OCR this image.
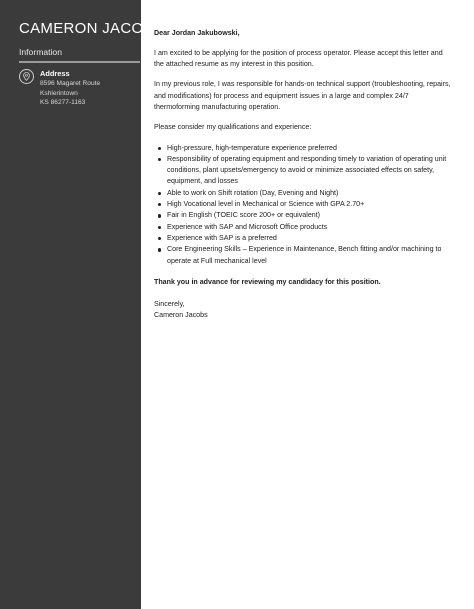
CAMERON JACOBS
Information
Address
8596 Magaret Route
Kshlerintown
KS 86277-1163

Dear Jordan Jakubowski,

I am excited to be applying for the position of process operator. Please accept this letter and the attached resume as my interest in this position.

In my previous role, I was responsible for hands-on technical support (troubleshooting, repairs, and modifications) for process and equipment issues in a large and complex 24/7 thermoforming manufacturing operation.

Please consider my qualifications and experience:

High-pressure, high-temperature experience preferred
Responsibility of operating equipment and responding timely to variation of operating unit conditions, plant upsets/emergency to avoid or minimize associated effects on safety, equipment, and losses
Able to work on Shift rotation (Day, Evening and Night)
High Vocational level in Mechanical or Science with GPA 2.70+
Fair in English (TOEIC score 200+ or equivalent)
Experience with SAP and Microsoft Office products
Experience with SAP is a preferred
Core Engineering Skills – Experience in Maintenance, Bench fitting and/or machining to operate at Full mechanical level

Thank you in advance for reviewing my candidacy for this position.

Sincerely,

Cameron Jacobs
